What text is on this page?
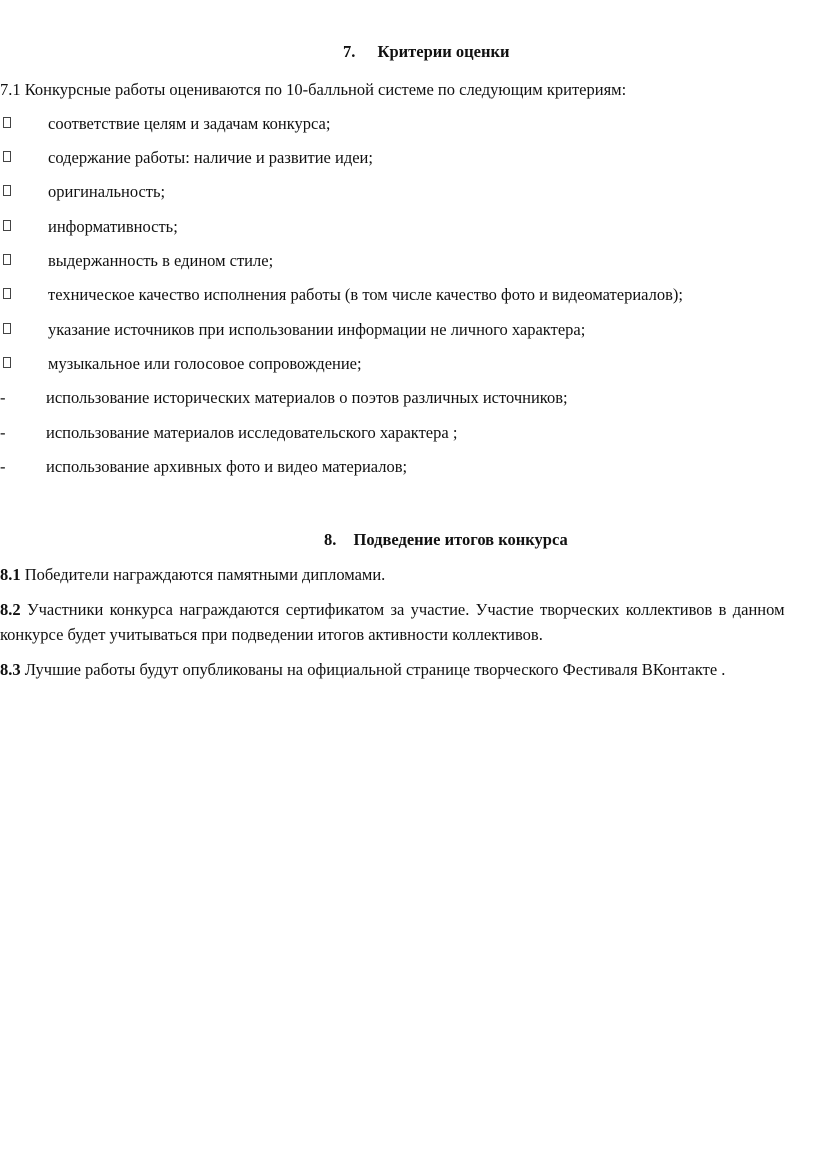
7. Критерии оценки
7.1 Конкурсные работы оцениваются по 10-балльной системе по следующим критериям:
соответствие целям и задачам конкурса;
содержание работы: наличие и развитие идеи;
оригинальность;
информативность;
выдержанность в едином стиле;
техническое качество исполнения работы (в том числе качество фото и видеоматериалов);
указание источников при использовании информации не личного характера;
музыкальное или голосовое сопровождение;
- использование исторических материалов о поэтов различных источников;
- использование материалов исследовательского характера ;
- использование архивных фото и видео материалов;
8. Подведение итогов конкурса
8.1 Победители награждаются памятными дипломами.
8.2 Участники конкурса награждаются сертификатом за участие. Участие творческих коллективов в данном
конкурсе будет учитываться при подведении итогов активности коллективов.
8.3 Лучшие работы будут опубликованы на официальной странице творческого Фестиваля ВКонтакте .
